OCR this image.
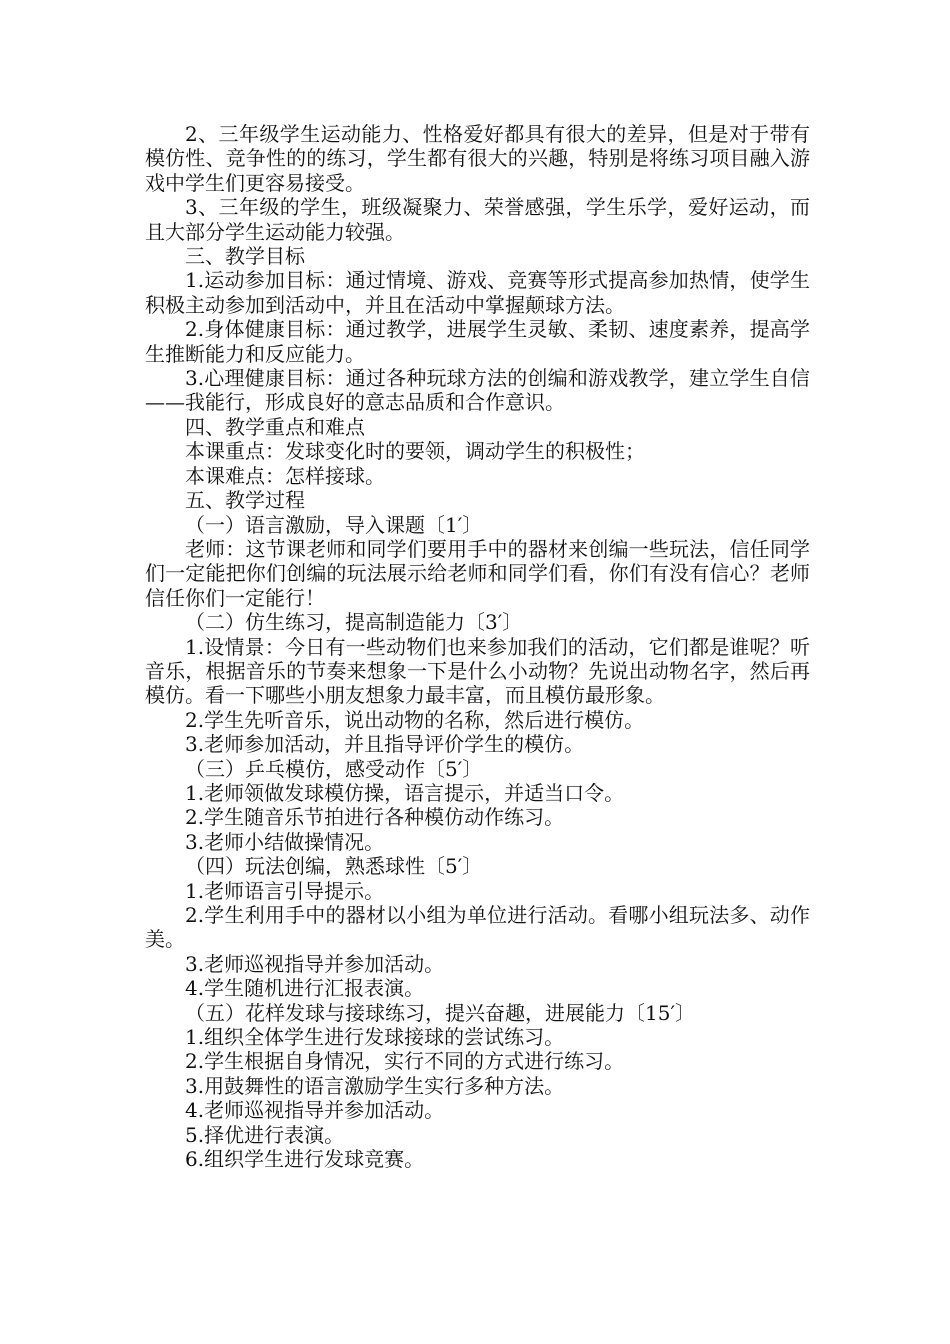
2、三年级学生运动能力、性格爱好都具有很大的差异，但是对于带有模仿性、竞争性的的练习，学生都有很大的兴趣，特别是将练习项目融入游戏中学生们更容易接受。

3、三年级的学生，班级凝聚力、荣誉感强，学生乐学，爱好运动，而且大部分学生运动能力较强。

三、教学目标

1.运动参加目标：通过情境、游戏、竞赛等形式提高参加热情，使学生积极主动参加到活动中，并且在活动中掌握颠球方法。

2.身体健康目标：通过教学，进展学生灵敏、柔韧、速度素养，提高学生推断能力和反应能力。

3.心理健康目标：通过各种玩球方法的创编和游戏教学，建立学生自信——我能行，形成良好的意志品质和合作意识。

四、教学重点和难点

本课重点：发球变化时的要领，调动学生的积极性；

本课难点：怎样接球。

五、教学过程

（一）语言激励，导入课题〔1′〕

老师：这节课老师和同学们要用手中的器材来创编一些玩法，信任同学们一定能把你们创编的玩法展示给老师和同学们看，你们有没有信心？老师信任你们一定能行！

（二）仿生练习，提高制造能力〔3′〕

1.设情景：今日有一些动物们也来参加我们的活动，它们都是谁呢？听音乐，根据音乐的节奏来想象一下是什么小动物？先说出动物名字，然后再模仿。看一下哪些小朋友想象力最丰富，而且模仿最形象。

2.学生先听音乐，说出动物的名称，然后进行模仿。

3.老师参加活动，并且指导评价学生的模仿。

（三）乒乓模仿，感受动作〔5′〕

1.老师领做发球模仿操，语言提示，并适当口令。

2.学生随音乐节拍进行各种模仿动作练习。

3.老师小结做操情况。

（四）玩法创编，熟悉球性〔5′〕

1.老师语言引导提示。

2.学生利用手中的器材以小组为单位进行活动。看哪小组玩法多、动作美。

3.老师巡视指导并参加活动。

4.学生随机进行汇报表演。

（五）花样发球与接球练习，提兴奋趣，进展能力〔15′〕

1.组织全体学生进行发球接球的尝试练习。

2.学生根据自身情况，实行不同的方式进行练习。

3.用鼓舞性的语言激励学生实行多种方法。

4.老师巡视指导并参加活动。

5.择优进行表演。

6.组织学生进行发球竞赛。
